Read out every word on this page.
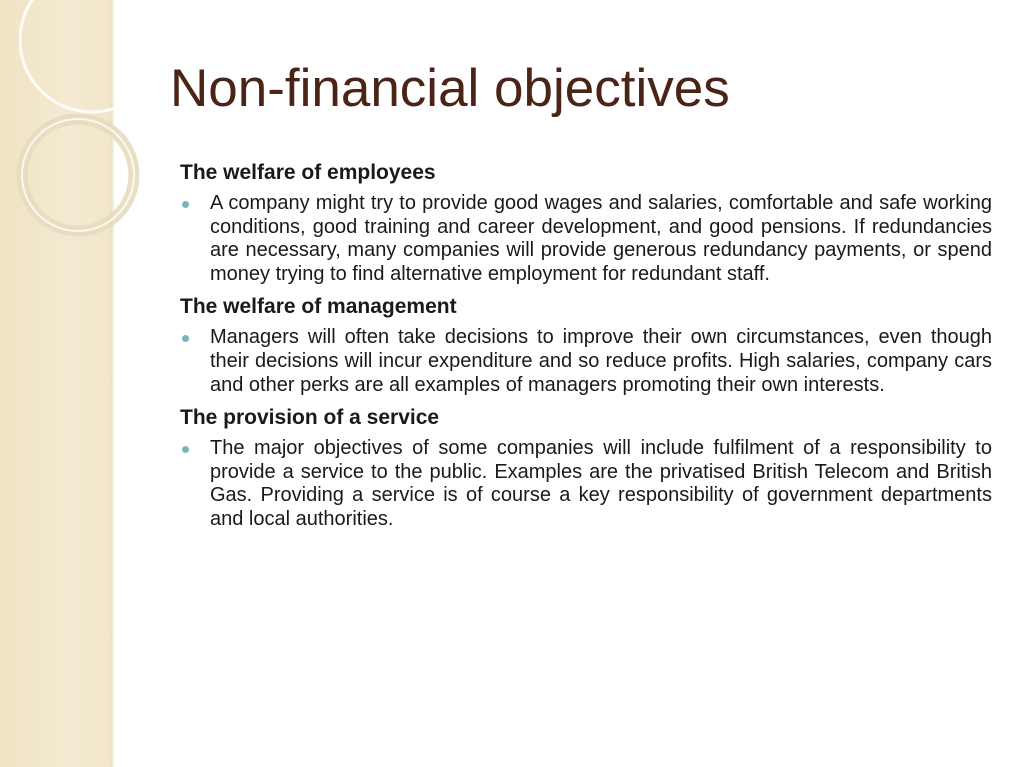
Non-financial objectives

The welfare of employees

A company might try to provide good wages and salaries, comfortable and safe working conditions, good training and career development, and good pensions. If redundancies are necessary, many companies will provide generous redundancy payments, or spend money trying to find alternative employment for redundant staff.

The welfare of management

Managers will often take decisions to improve their own circumstances, even though their decisions will incur expenditure and so reduce profits. High salaries, company cars and other perks are all examples of managers promoting their own interests.

The provision of a service

The major objectives of some companies will include fulfilment of a responsibility to provide a service to the public. Examples are the privatised British Telecom and British Gas. Providing a service is of course a key responsibility of government departments and local authorities.
